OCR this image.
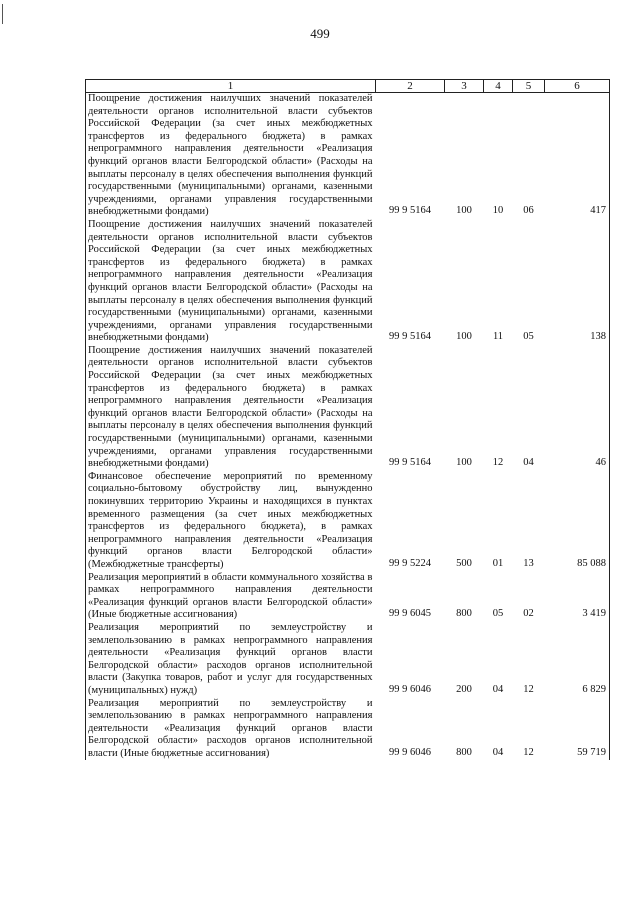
499
1	2	3	4	5	6
Поощрение достижения наилучших значений показателей деятельности органов исполнительной власти субъектов Российской Федерации (за счет иных межбюджетных трансфертов из федерального бюджета) в рамках непрограммного направления деятельности «Реализация функций органов власти Белгородской области» (Расходы на выплаты персоналу в целях обеспечения выполнения функций государственными (муниципальными) органами, казенными учреждениями, органами управления государственными внебюджетными фондами)	99 9 5164	100	10	06	417
Поощрение достижения наилучших значений показателей деятельности органов исполнительной власти субъектов Российской Федерации (за счет иных межбюджетных трансфертов из федерального бюджета) в рамках непрограммного направления деятельности «Реализация функций органов власти Белгородской области» (Расходы на выплаты персоналу в целях обеспечения выполнения функций государственными (муниципальными) органами, казенными учреждениями, органами управления государственными внебюджетными фондами)	99 9 5164	100	11	05	138
Поощрение достижения наилучших значений показателей деятельности органов исполнительной власти субъектов Российской Федерации (за счет иных межбюджетных трансфертов из федерального бюджета) в рамках непрограммного направления деятельности «Реализация функций органов власти Белгородской области» (Расходы на выплаты персоналу в целях обеспечения выполнения функций государственными (муниципальными) органами, казенными учреждениями, органами управления государственными внебюджетными фондами)	99 9 5164	100	12	04	46
Финансовое обеспечение мероприятий по временному социально-бытовому обустройству лиц, вынужденно покинувших территорию Украины и находящихся в пунктах временного размещения (за счет иных межбюджетных трансфертов из федерального бюджета), в рамках непрограммного направления деятельности «Реализация функций органов власти Белгородской области» (Межбюджетные трансферты)	99 9 5224	500	01	13	85 088
Реализация мероприятий в области коммунального хозяйства в рамках непрограммного направления деятельности «Реализация функций органов власти Белгородской области» (Иные бюджетные ассигнования)	99 9 6045	800	05	02	3 419
Реализация мероприятий по землеустройству и землепользованию в рамках непрограммного направления деятельности «Реализация функций органов власти Белгородской области» расходов органов исполнительной власти (Закупка товаров, работ и услуг для государственных (муниципальных) нужд)	99 9 6046	200	04	12	6 829
Реализация мероприятий по землеустройству и землепользованию в рамках непрограммного направления деятельности «Реализация функций органов власти Белгородской области» расходов органов исполнительной власти (Иные бюджетные ассигнования)	99 9 6046	800	04	12	59 719
